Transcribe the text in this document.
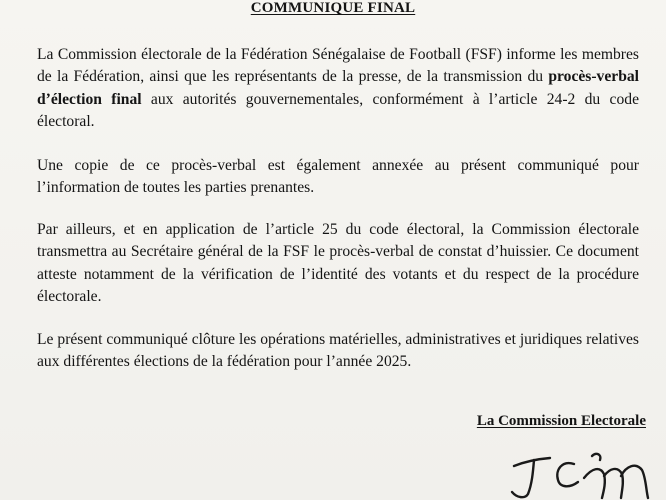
COMMUNIQUE FINAL

La Commission électorale de la Fédération Sénégalaise de Football (FSF) informe les membres de la Fédération, ainsi que les représentants de la presse, de la transmission du procès-verbal d’élection final aux autorités gouvernementales, conformément à l’article 24-2 du code électoral.

Une copie de ce procès-verbal est également annexée au présent communiqué pour l’information de toutes les parties prenantes.

Par ailleurs, et en application de l’article 25 du code électoral, la Commission électorale transmettra au Secrétaire général de la FSF le procès-verbal de constat d’huissier. Ce document atteste notamment de la vérification de l’identité des votants et du respect de la procédure électorale.

Le présent communiqué clôture les opérations matérielles, administratives et juridiques relatives aux différentes élections de la fédération pour l’année 2025.

La Commission Electorale
